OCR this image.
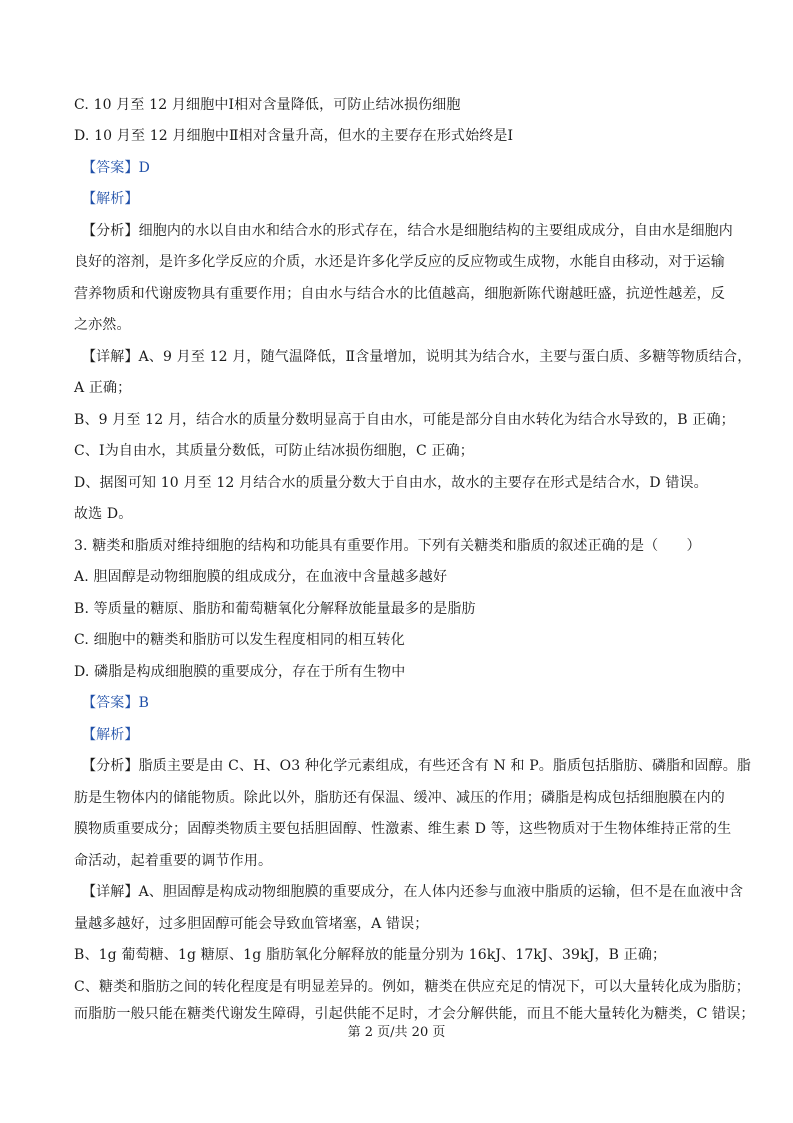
C. 10 月至 12 月细胞中Ⅰ相对含量降低，可防止结冰损伤细胞
D. 10 月至 12 月细胞中Ⅱ相对含量升高，但水的主要存在形式始终是Ⅰ
【答案】D
【解析】
【分析】细胞内的水以自由水和结合水的形式存在，结合水是细胞结构的主要组成成分，自由水是细胞内
良好的溶剂，是许多化学反应的介质，水还是许多化学反应的反应物或生成物，水能自由移动，对于运输
营养物质和代谢废物具有重要作用；自由水与结合水的比值越高，细胞新陈代谢越旺盛，抗逆性越差，反
之亦然。
【详解】A、9 月至 12 月，随气温降低，Ⅱ含量增加，说明其为结合水，主要与蛋白质、多糖等物质结合，
A 正确；
B、9 月至 12 月，结合水的质量分数明显高于自由水，可能是部分自由水转化为结合水导致的，B 正确；
C、Ⅰ为自由水，其质量分数低，可防止结冰损伤细胞，C 正确；
D、据图可知 10 月至 12 月结合水的质量分数大于自由水，故水的主要存在形式是结合水，D 错误。
故选 D。
3. 糖类和脂质对维持细胞的结构和功能具有重要作用。下列有关糖类和脂质的叙述正确的是（　　）
A. 胆固醇是动物细胞膜的组成成分，在血液中含量越多越好
B. 等质量的糖原、脂肪和葡萄糖氧化分解释放能量最多的是脂肪
C. 细胞中的糖类和脂肪可以发生程度相同的相互转化
D. 磷脂是构成细胞膜的重要成分，存在于所有生物中
【答案】B
【解析】
【分析】脂质主要是由 C、H、O3 种化学元素组成，有些还含有 N 和 P。脂质包括脂肪、磷脂和固醇。脂
肪是生物体内的储能物质。除此以外，脂肪还有保温、缓冲、减压的作用；磷脂是构成包括细胞膜在内的
膜物质重要成分；固醇类物质主要包括胆固醇、性激素、维生素 D 等，这些物质对于生物体维持正常的生
命活动，起着重要的调节作用。
【详解】A、胆固醇是构成动物细胞膜的重要成分，在人体内还参与血液中脂质的运输，但不是在血液中含
量越多越好，过多胆固醇可能会导致血管堵塞，A 错误；
B、1g 葡萄糖、1g 糖原、1g 脂肪氧化分解释放的能量分别为 16kJ、17kJ、39kJ，B 正确；
C、糖类和脂肪之间的转化程度是有明显差异的。例如，糖类在供应充足的情况下，可以大量转化成为脂肪；
而脂肪一般只能在糖类代谢发生障碍，引起供能不足时，才会分解供能，而且不能大量转化为糖类，C 错误；
第 2 页/共 20 页
